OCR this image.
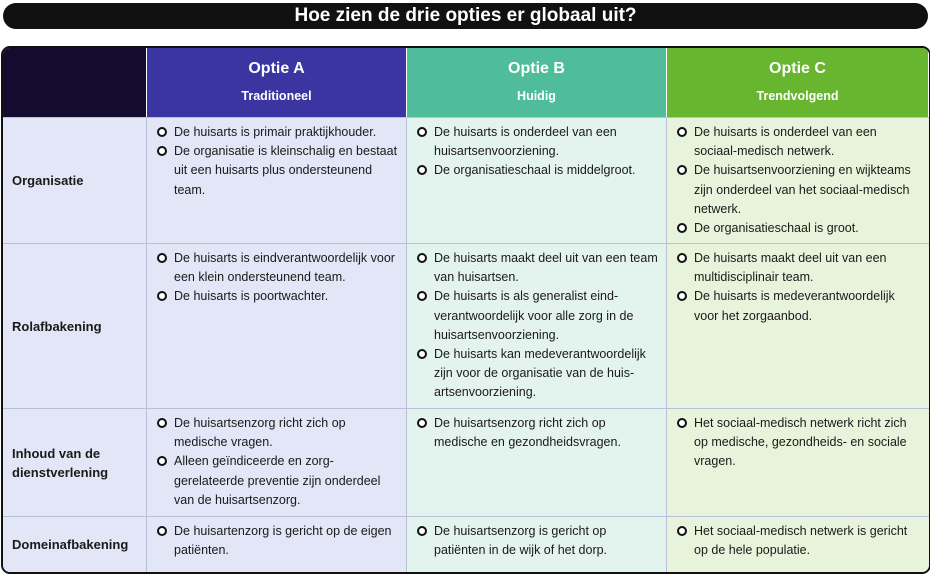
Hoe zien de drie opties er globaal uit?
Optie A
Traditioneel
Optie B
Huidig
Optie C
Trendvolgend
Organisatie
De huisarts is primair praktijkhouder.
De organisatie is kleinschalig en bestaat uit een huisarts plus ondersteunend team.
De huisarts is onderdeel van een huisartsenvoorziening.
De organisatieschaal is middelgroot.
De huisarts is onderdeel van een sociaal-medisch netwerk.
De huisartsenvoorziening en wijkteams zijn onderdeel van het sociaal-medisch netwerk.
De organisatieschaal is groot.
Rolafbakening
De huisarts is eindverantwoordelijk voor een klein ondersteunend team.
De huisarts is poortwachter.
De huisarts maakt deel uit van een team van huisartsen.
De huisarts is als generalist eind-verantwoordelijk voor alle zorg in de huisartsenvoorziening.
De huisarts kan medeverantwoordelijk zijn voor de organisatie van de huis-artsenvoorziening.
De huisarts maakt deel uit van een multidisciplinair team.
De huisarts is medeverantwoordelijk voor het zorgaanbod.
Inhoud van de dienstverlening
De huisartsenzorg richt zich op medische vragen.
Alleen geïndiceerde en zorg-gerelateerde preventie zijn onderdeel van de huisartsenzorg.
De huisartsenzorg richt zich op medische en gezondheidsvragen.
Het sociaal-medisch netwerk richt zich op medische, gezondheids- en sociale vragen.
Domeinafbakening
De huisartenzorg is gericht op de eigen patiënten.
De huisartsenzorg is gericht op patiënten in de wijk of het dorp.
Het sociaal-medisch netwerk is gericht op de hele populatie.
